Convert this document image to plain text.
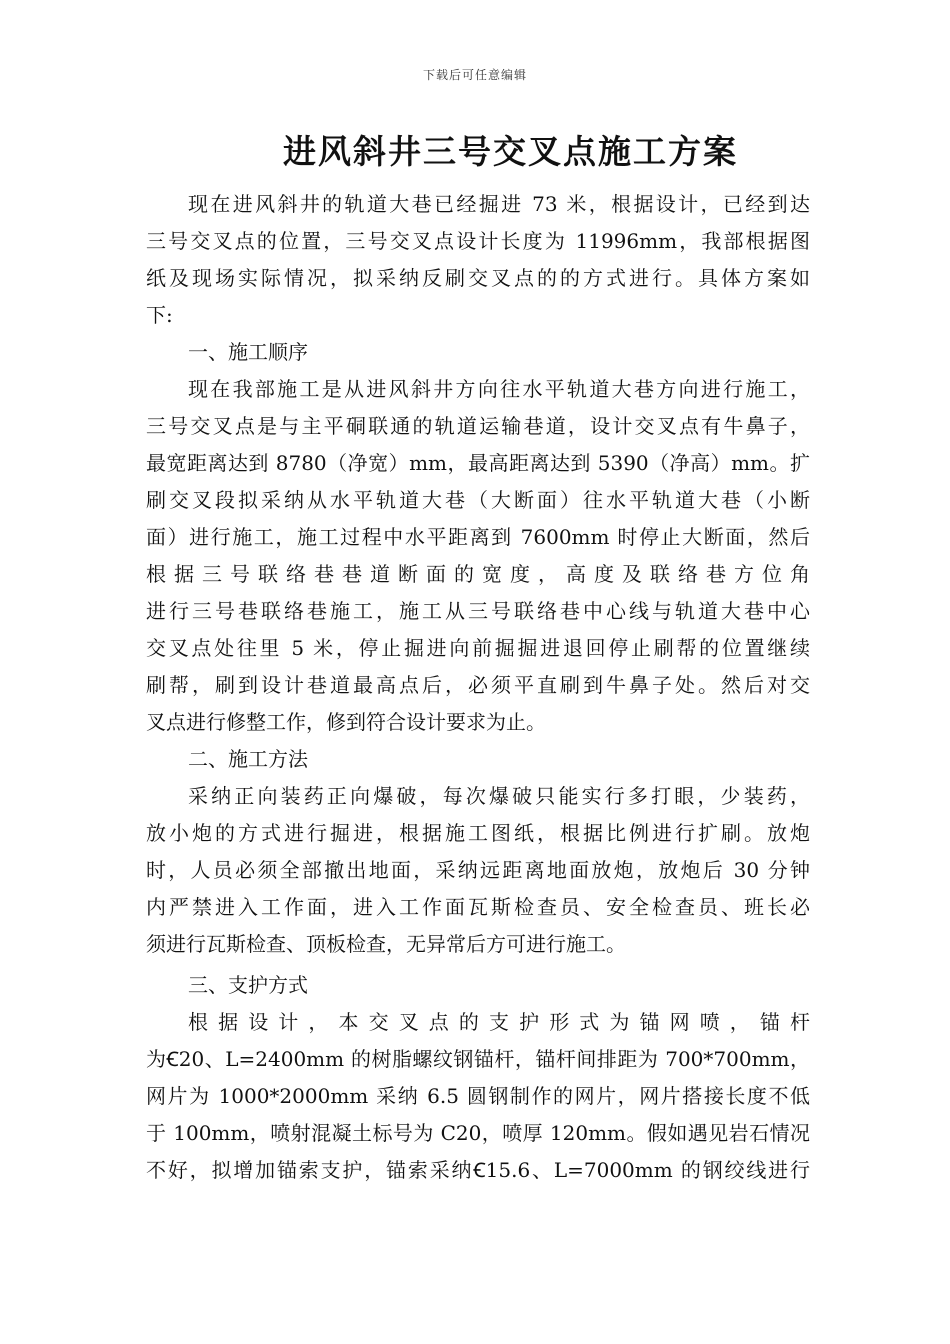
下载后可任意编辑
进风斜井三号交叉点施工方案
现在进风斜井的轨道大巷已经掘进 73 米，根据设计，已经到达
三号交叉点的位置，三号交叉点设计长度为 11996mm，我部根据图
纸及现场实际情况，拟采纳反刷交叉点的的方式进行。具体方案如
下:
一、施工顺序
现在我部施工是从进风斜井方向往水平轨道大巷方向进行施工，
三号交叉点是与主平硐联通的轨道运输巷道，设计交叉点有牛鼻子，
最宽距离达到 8780（净宽）mm，最高距离达到 5390（净高）mm。扩
刷交叉段拟采纳从水平轨道大巷（大断面）往水平轨道大巷（小断
面）进行施工，施工过程中水平距离到 7600mm 时停止大断面，然后
根据三号联络巷巷道断面的宽度，高度及联络巷方位角
进行三号巷联络巷施工，施工从三号联络巷中心线与轨道大巷中心
交叉点处往里 5 米，停止掘进向前掘掘进退回停止刷帮的位置继续
刷帮，刷到设计巷道最高点后，必须平直刷到牛鼻子处。然后对交
叉点进行修整工作，修到符合设计要求为止。
二、施工方法
采纳正向装药正向爆破，每次爆破只能实行多打眼，少装药，
放小炮的方式进行掘进，根据施工图纸，根据比例进行扩刷。放炮
时，人员必须全部撤出地面，采纳远距离地面放炮，放炮后 30 分钟
内严禁进入工作面，进入工作面瓦斯检查员、安全检查员、班长必
须进行瓦斯检查、顶板检查，无异常后方可进行施工。
三、支护方式
根据设计，本交叉点的支护形式为锚网喷，锚杆
为Ꞓ20、L=2400mm 的树脂螺纹钢锚杆，锚杆间排距为 700*700mm，
网片为 1000*2000mm 采纳 6.5 圆钢制作的网片，网片搭接长度不低
于 100mm，喷射混凝土标号为 C20，喷厚 120mm。假如遇见岩石情况
不好，拟增加锚索支护，锚索采纳Ꞓ15.6、L=7000mm 的钢绞线进行
